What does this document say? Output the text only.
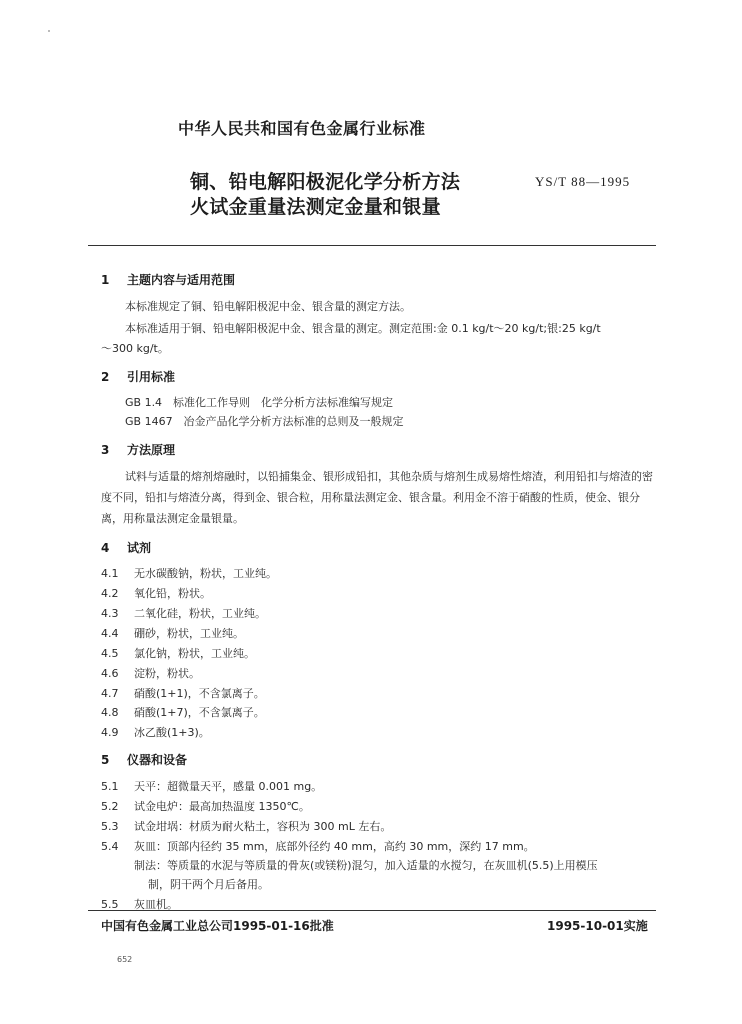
中华人民共和国有色金属行业标准
铜、铅电解阳极泥化学分析方法
火试金重量法测定金量和银量
YS/T 88—1995
1 主题内容与适用范围
本标准规定了铜、铅电解阳极泥中金、银含量的测定方法。
本标准适用于铜、铅电解阳极泥中金、银含量的测定。测定范围:金 0.1 kg/t～20 kg/t;银:25 kg/t
～300 kg/t。
2 引用标准
GB 1.4　标准化工作导则　化学分析方法标准编写规定
GB 1467　冶金产品化学分析方法标准的总则及一般规定
3 方法原理
试料与适量的熔剂熔融时，以铅捕集金、银形成铅扣，其他杂质与熔剂生成易熔性熔渣，利用铅扣与熔渣的密度不同，铅扣与熔渣分离，得到金、银合粒，用称量法测定金、银含量。利用金不溶于硝酸的性质，使金、银分离，用称量法测定金量银量。
4 试剂
4.1 无水碳酸钠，粉状，工业纯。
4.2 氧化铅，粉状。
4.3 二氧化硅，粉状，工业纯。
4.4 硼砂，粉状，工业纯。
4.5 氯化钠，粉状，工业纯。
4.6 淀粉，粉状。
4.7 硝酸(1+1)，不含氯离子。
4.8 硝酸(1+7)，不含氯离子。
4.9 冰乙酸(1+3)。
5 仪器和设备
5.1 天平：超微量天平，感量 0.001 mg。
5.2 试金电炉：最高加热温度 1350℃。
5.3 试金坩埚：材质为耐火粘土，容积为 300 mL 左右。
5.4 灰皿：顶部内径约 35 mm，底部外径约 40 mm，高约 30 mm，深约 17 mm。
制法：等质量的水泥与等质量的骨灰(或镁粉)混匀，加入适量的水搅匀，在灰皿机(5.5)上用模压
制，阴干两个月后备用。
5.5 灰皿机。
中国有色金属工业总公司1995-01-16批准	1995-10-01实施
652
